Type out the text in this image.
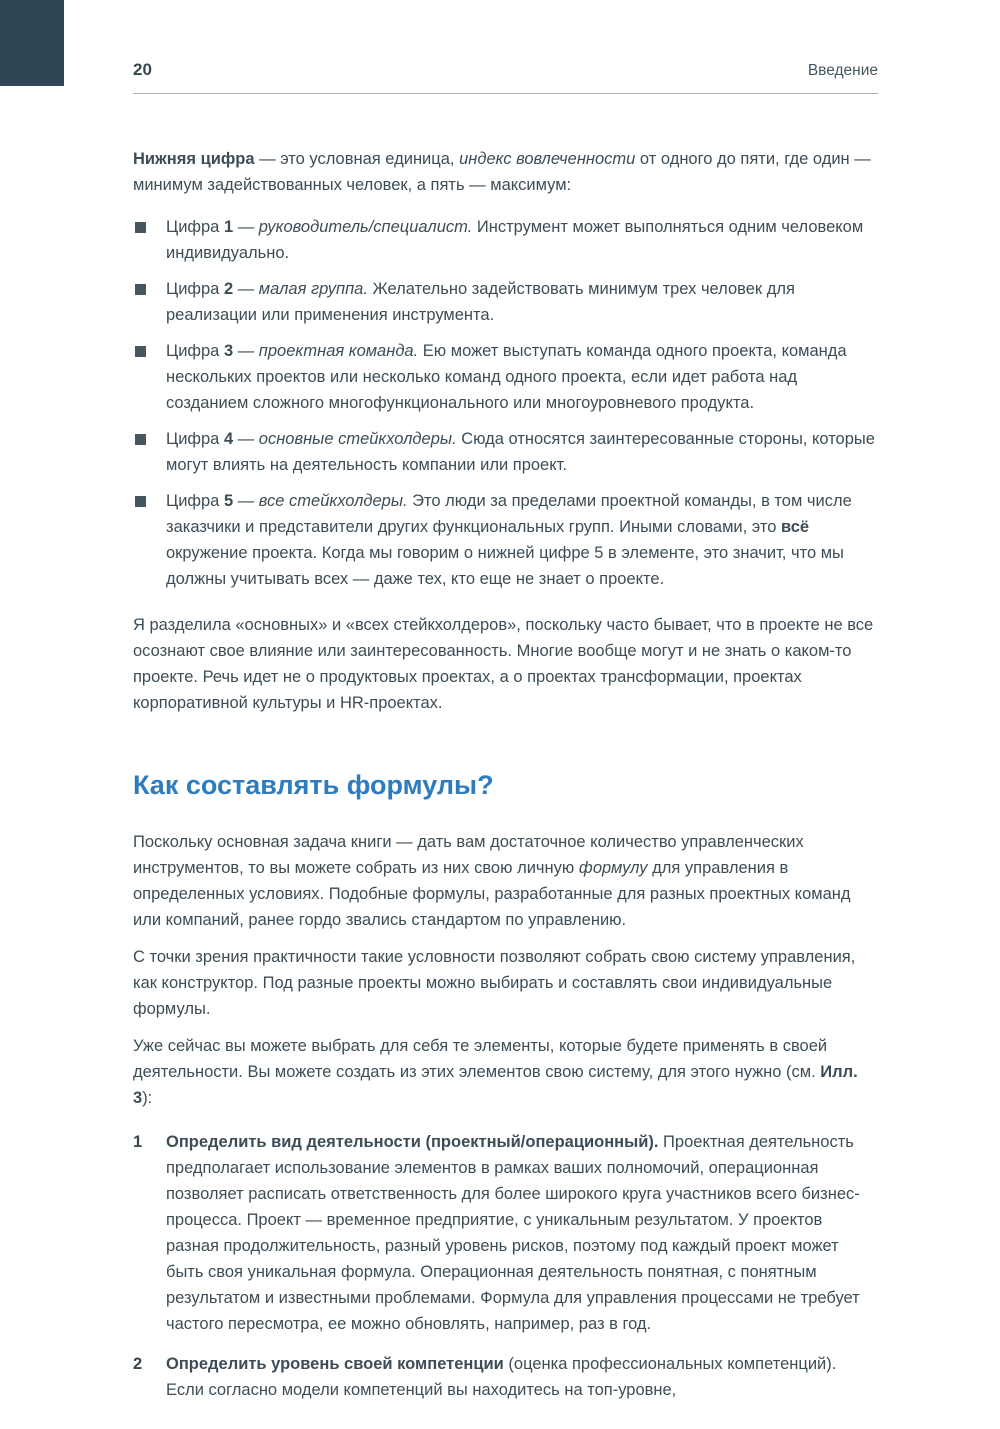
20	Введение

Нижняя цифра — это условная единица, индекс вовлеченности от одного до пяти, где один — минимум задействованных человек, а пять — максимум:

Цифра 1 — руководитель/специалист. Инструмент может выполняться одним человеком индивидуально.

Цифра 2 — малая группа. Желательно задействовать минимум трех человек для реализации или применения инструмента.

Цифра 3 — проектная команда. Ею может выступать команда одного проекта, команда нескольких проектов или несколько команд одного проекта, если идет работа над созданием сложного многофункционального или многоуровневого продукта.

Цифра 4 — основные стейкхолдеры. Сюда относятся заинтересованные стороны, которые могут влиять на деятельность компании или проект.

Цифра 5 — все стейкхолдеры. Это люди за пределами проектной команды, в том числе заказчики и представители других функциональных групп. Иными словами, это всё окружение проекта. Когда мы говорим о нижней цифре 5 в элементе, это значит, что мы должны учитывать всех — даже тех, кто еще не знает о проекте.

Я разделила «основных» и «всех стейкхолдеров», поскольку часто бывает, что в проекте не все осознают свое влияние или заинтересованность. Многие вообще могут и не знать о каком-то проекте. Речь идет не о продуктовых проектах, а о проектах трансформации, проектах корпоративной культуры и HR-проектах.

Как составлять формулы?

Поскольку основная задача книги — дать вам достаточное количество управленческих инструментов, то вы можете собрать из них свою личную формулу для управления в определенных условиях. Подобные формулы, разработанные для разных проектных команд или компаний, ранее гордо звались стандартом по управлению.

С точки зрения практичности такие условности позволяют собрать свою систему управления, как конструктор. Под разные проекты можно выбирать и составлять свои индивидуальные формулы.

Уже сейчас вы можете выбрать для себя те элементы, которые будете применять в своей деятельности. Вы можете создать из этих элементов свою систему, для этого нужно (см. Илл. 3):

1	Определить вид деятельности (проектный/операционный). Проектная деятельность предполагает использование элементов в рамках ваших полномочий, операционная позволяет расписать ответственность для более широкого круга участников всего бизнес-процесса. Проект — временное предприятие, с уникальным результатом. У проектов разная продолжительность, разный уровень рисков, поэтому под каждый проект может быть своя уникальная формула. Операционная деятельность понятная, с понятным результатом и известными проблемами. Формула для управления процессами не требует частого пересмотра, ее можно обновлять, например, раз в год.

2	Определить уровень своей компетенции (оценка профессиональных компетенций). Если согласно модели компетенций вы находитесь на топ-уровне,
